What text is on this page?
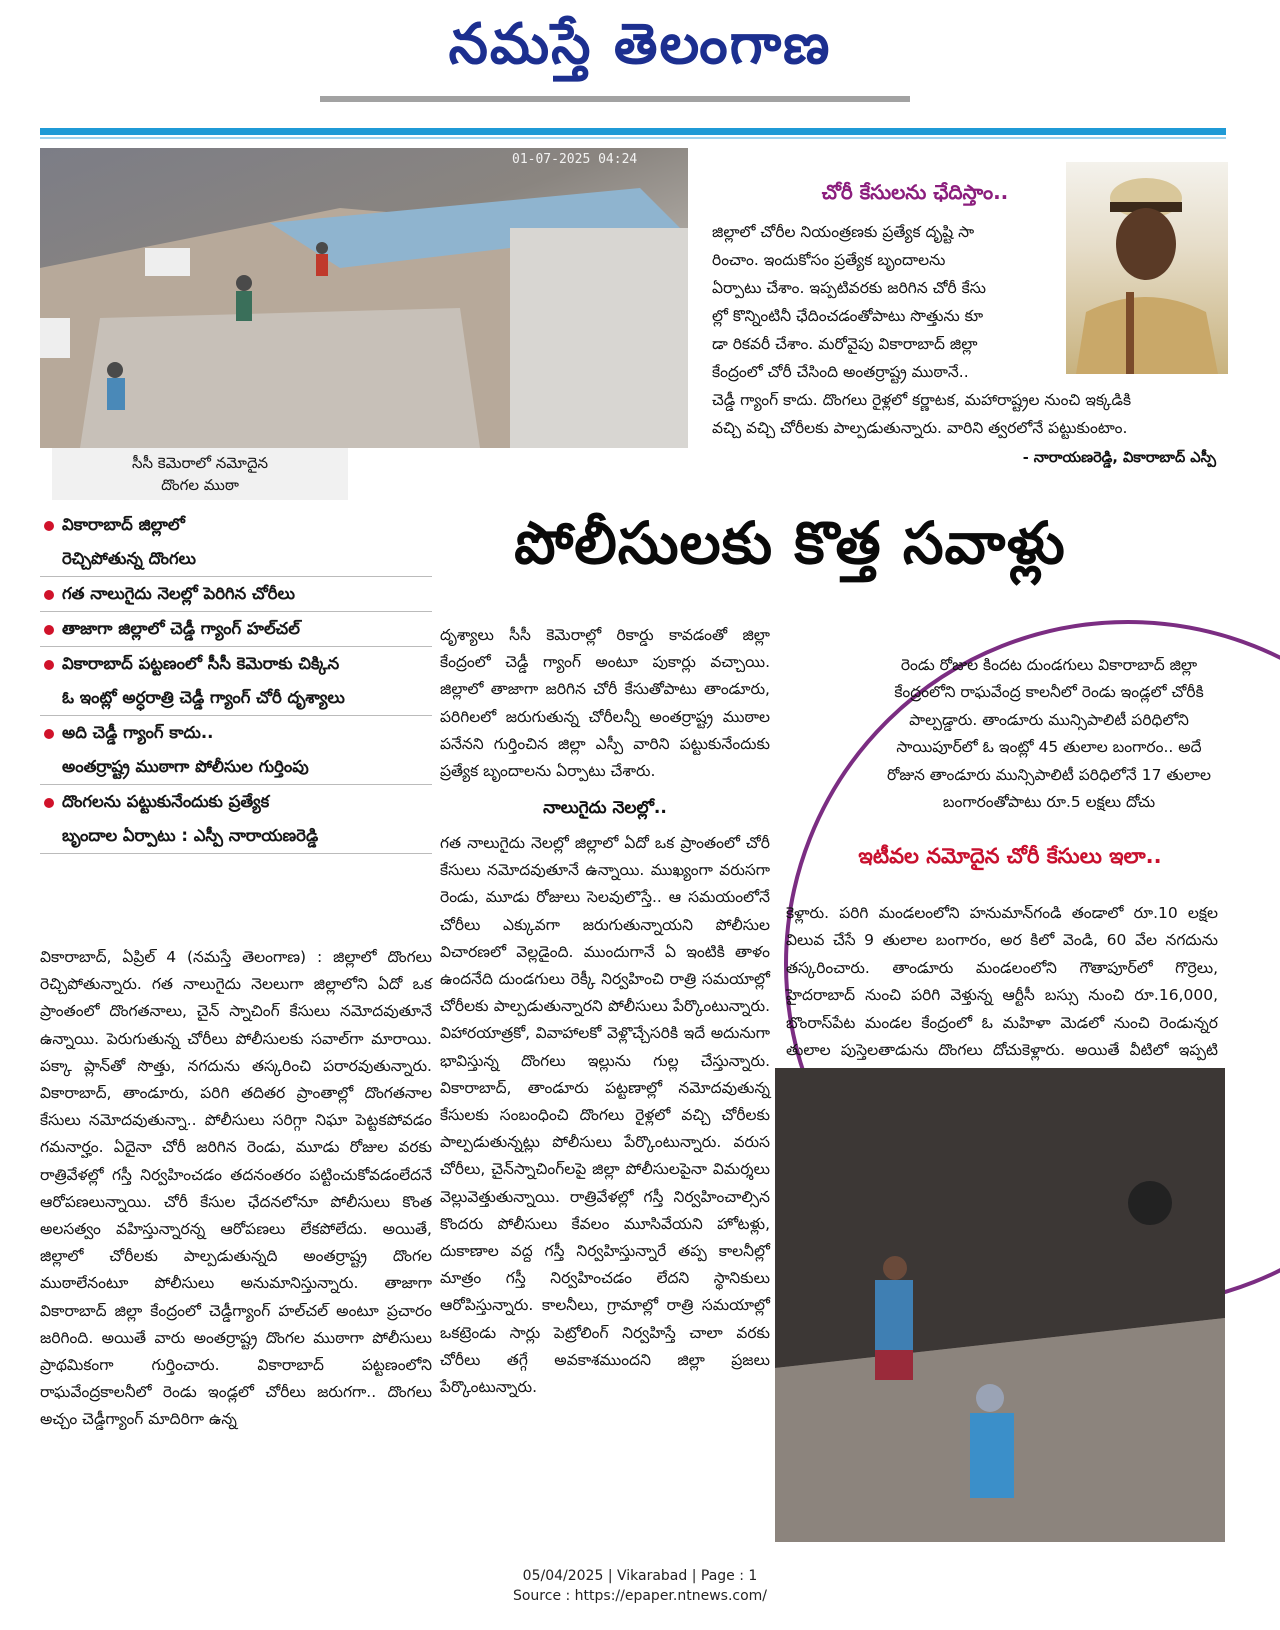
నమస్తే తెలంగాణ
01-07-2025 04:24
సీసీ కెమెరాలో నమోదైన
దొంగల ముఠా
చోరీ కేసులను ఛేదిస్తాం..
జిల్లాలో చోరీల నియంత్రణకు ప్రత్యేక దృష్టి సా
రించాం. ఇందుకోసం ప్రత్యేక బృందాలను
ఏర్పాటు చేశాం. ఇప్పటివరకు జరిగిన చోరీ కేసు
ల్లో కొన్నింటినీ ఛేదించడంతోపాటు సొత్తును కూ
డా రికవరీ చేశాం. మరోవైపు వికారాబాద్ జిల్లా
కేంద్రంలో చోరీ చేసింది అంతర్రాష్ట్ర ముఠానే..
చెడ్డీ గ్యాంగ్ కాదు. దొంగలు రైళ్లలో కర్ణాటక, మహారాష్ట్రల నుంచి ఇక్కడికి
వచ్చి వచ్చి చోరీలకు పాల్పడుతున్నారు. వారిని త్వరలోనే పట్టుకుంటాం.
- నారాయణరెడ్డి, వికారాబాద్ ఎస్పీ
పోలీసులకు కొత్త సవాళ్లు
వికారాబాద్ జిల్లాలో
రెచ్చిపోతున్న దొంగలు
గత నాలుగైదు నెలల్లో పెరిగిన చోరీలు
తాజాగా జిల్లాలో చెడ్డీ గ్యాంగ్ హల్‌చల్
వికారాబాద్ పట్టణంలో సీసీ కెమెరాకు చిక్కిన
ఓ ఇంట్లో అర్ధరాత్రి చెడ్డీ గ్యాంగ్ చోరీ దృశ్యాలు
అది చెడ్డీ గ్యాంగ్ కాదు..
అంతర్రాష్ట్ర ముఠాగా పోలీసుల గుర్తింపు
దొంగలను పట్టుకునేందుకు ప్రత్యేక
బృందాల ఏర్పాటు : ఎస్పీ నారాయణరెడ్డి
వికారాబాద్, ఏప్రిల్ 4 (నమస్తే తెలంగాణ) : జిల్లాలో దొంగలు రెచ్చిపోతున్నారు. గత నాలుగైదు నెలలుగా జిల్లాలోని ఏదో ఒక ప్రాంతంలో దొంగతనాలు, చైన్ స్నాచింగ్ కేసులు నమోదవుతూనే ఉన్నాయి. పెరుగుతున్న చోరీలు పోలీసులకు సవాల్‌గా మారాయి. పక్కా ప్లాన్‌తో సొత్తు, నగదును తస్కరించి పరారవుతున్నారు. వికారాబాద్, తాండూరు, పరిగి తదితర ప్రాంతాల్లో దొంగతనాల కేసులు నమోదవుతున్నా.. పోలీసులు సరిగ్గా నిఘా పెట్టకపోవడం గమనార్హం. ఏదైనా చోరీ జరిగిన రెండు, మూడు రోజుల వరకు రాత్రివేళల్లో గస్తీ నిర్వహించడం తదనంతరం పట్టించుకోవడంలేదనే ఆరోపణలున్నాయి. చోరీ కేసుల ఛేదనలోనూ పోలీసులు కొంత అలసత్వం వహిస్తున్నారన్న ఆరోపణలు లేకపోలేదు. అయితే, జిల్లాలో చోరీలకు పాల్పడుతున్నది అంతర్రాష్ట్ర దొంగల ముఠాలేనంటూ పోలీసులు అనుమానిస్తున్నారు. తాజాగా వికారాబాద్ జిల్లా కేంద్రంలో చెడ్డీగ్యాంగ్ హల్‌చల్ అంటూ ప్రచారం జరిగింది. అయితే వారు అంతర్రాష్ట్ర దొంగల ముఠాగా పోలీసులు ప్రాథమికంగా గుర్తించారు. వికారాబాద్ పట్టణంలోని రాఘవేంద్రకాలనీలో రెండు ఇండ్లలో చోరీలు జరుగగా.. దొంగలు అచ్చం చెడ్డీగ్యాంగ్ మాదిరిగా ఉన్న
దృశ్యాలు సీసీ కెమెరాల్లో రికార్డు కావడంతో జిల్లా కేంద్రంలో చెడ్డీ గ్యాంగ్ అంటూ పుకార్లు వచ్చాయి. జిల్లాలో తాజాగా జరిగిన చోరీ కేసుతోపాటు తాండూరు, పరిగిలలో జరుగుతున్న చోరీలన్నీ అంతర్రాష్ట్ర ముఠాల పనేనని గుర్తించిన జిల్లా ఎస్పీ వారిని పట్టుకునేందుకు ప్రత్యేక బృందాలను ఏర్పాటు చేశారు.
నాలుగైదు నెలల్లో..
గత నాలుగైదు నెలల్లో జిల్లాలో ఏదో ఒక ప్రాంతంలో చోరీ కేసులు నమోదవుతూనే ఉన్నాయి. ముఖ్యంగా వరుసగా రెండు, మూడు రోజులు సెలవులొస్తే.. ఆ సమయంలోనే చోరీలు ఎక్కువగా జరుగుతున్నాయని పోలీసుల విచారణలో వెల్లడైంది. ముందుగానే ఏ ఇంటికి తాళం ఉందనేది దుండగులు రెక్కీ నిర్వహించి రాత్రి సమయాల్లో చోరీలకు పాల్పడుతున్నారని పోలీసులు పేర్కొంటున్నారు. విహారయాత్రకో, వివాహాలకో వెళ్లొచ్చేసరికి ఇదే అదునుగా భావిస్తున్న దొంగలు ఇల్లును గుల్ల చేస్తున్నారు. వికారాబాద్, తాండూరు పట్టణాల్లో నమోదవుతున్న కేసులకు సంబంధించి దొంగలు రైళ్లలో వచ్చి చోరీలకు పాల్పడుతున్నట్లు పోలీసులు పేర్కొంటున్నారు. వరుస చోరీలు, చైన్‌స్నాచింగ్‌లపై జిల్లా పోలీసులపైనా విమర్శలు వెల్లువెత్తుతున్నాయి. రాత్రివేళల్లో గస్తీ నిర్వహించాల్సిన కొందరు పోలీసులు కేవలం మూసివేయని హోటళ్లు, దుకాణాల వద్ద గస్తీ నిర్వహిస్తున్నారే తప్ప కాలనీల్లో మాత్రం గస్తీ నిర్వహించడం లేదని స్థానికులు ఆరోపిస్తున్నారు. కాలనీలు, గ్రామాల్లో రాత్రి సమయాల్లో ఒకట్రెండు సార్లు పెట్రోలింగ్ నిర్వహిస్తే చాలా వరకు చోరీలు తగ్గే అవకాశముందని జిల్లా ప్రజలు పేర్కొంటున్నారు.
రెండు రోజుల కిందట దుండగులు వికారాబాద్ జిల్లా కేంద్రంలోని రాఘవేంద్ర కాలనీలో రెండు ఇండ్లలో చోరీకి పాల్పడ్డారు. తాండూరు మున్సిపాలిటీ పరిధిలోని సాయిపూర్‌లో ఓ ఇంట్లో 45 తులాల బంగారం.. అదే రోజున తాండూరు మున్సిపాలిటీ పరిధిలోనే 17 తులాల బంగారంతోపాటు రూ.5 లక్షలు దోచు
ఇటీవల నమోదైన చోరీ కేసులు ఇలా..
కెళ్లారు. పరిగి మండలంలోని హనుమాన్‌గండి తండాలో రూ.10 లక్షల విలువ చేసే 9 తులాల బంగారం, అర కిలో వెండి, 60 వేల నగదును తస్కరించారు. తాండూరు మండలంలోని గౌతాపూర్‌లో గొర్రెలు, హైదరాబాద్ నుంచి పరిగి వెళ్తున్న ఆర్టీసీ బస్సు నుంచి రూ.16,000, బొంరాస్‌పేట మండల కేంద్రంలో ఓ మహిళా మెడలో నుంచి రెండున్నర తులాల పుస్తెలతాడును దొంగలు దోచుకెళ్లారు. అయితే వీటిలో ఇప్పటి
05/04/2025 | Vikarabad | Page : 1
Source : https://epaper.ntnews.com/
